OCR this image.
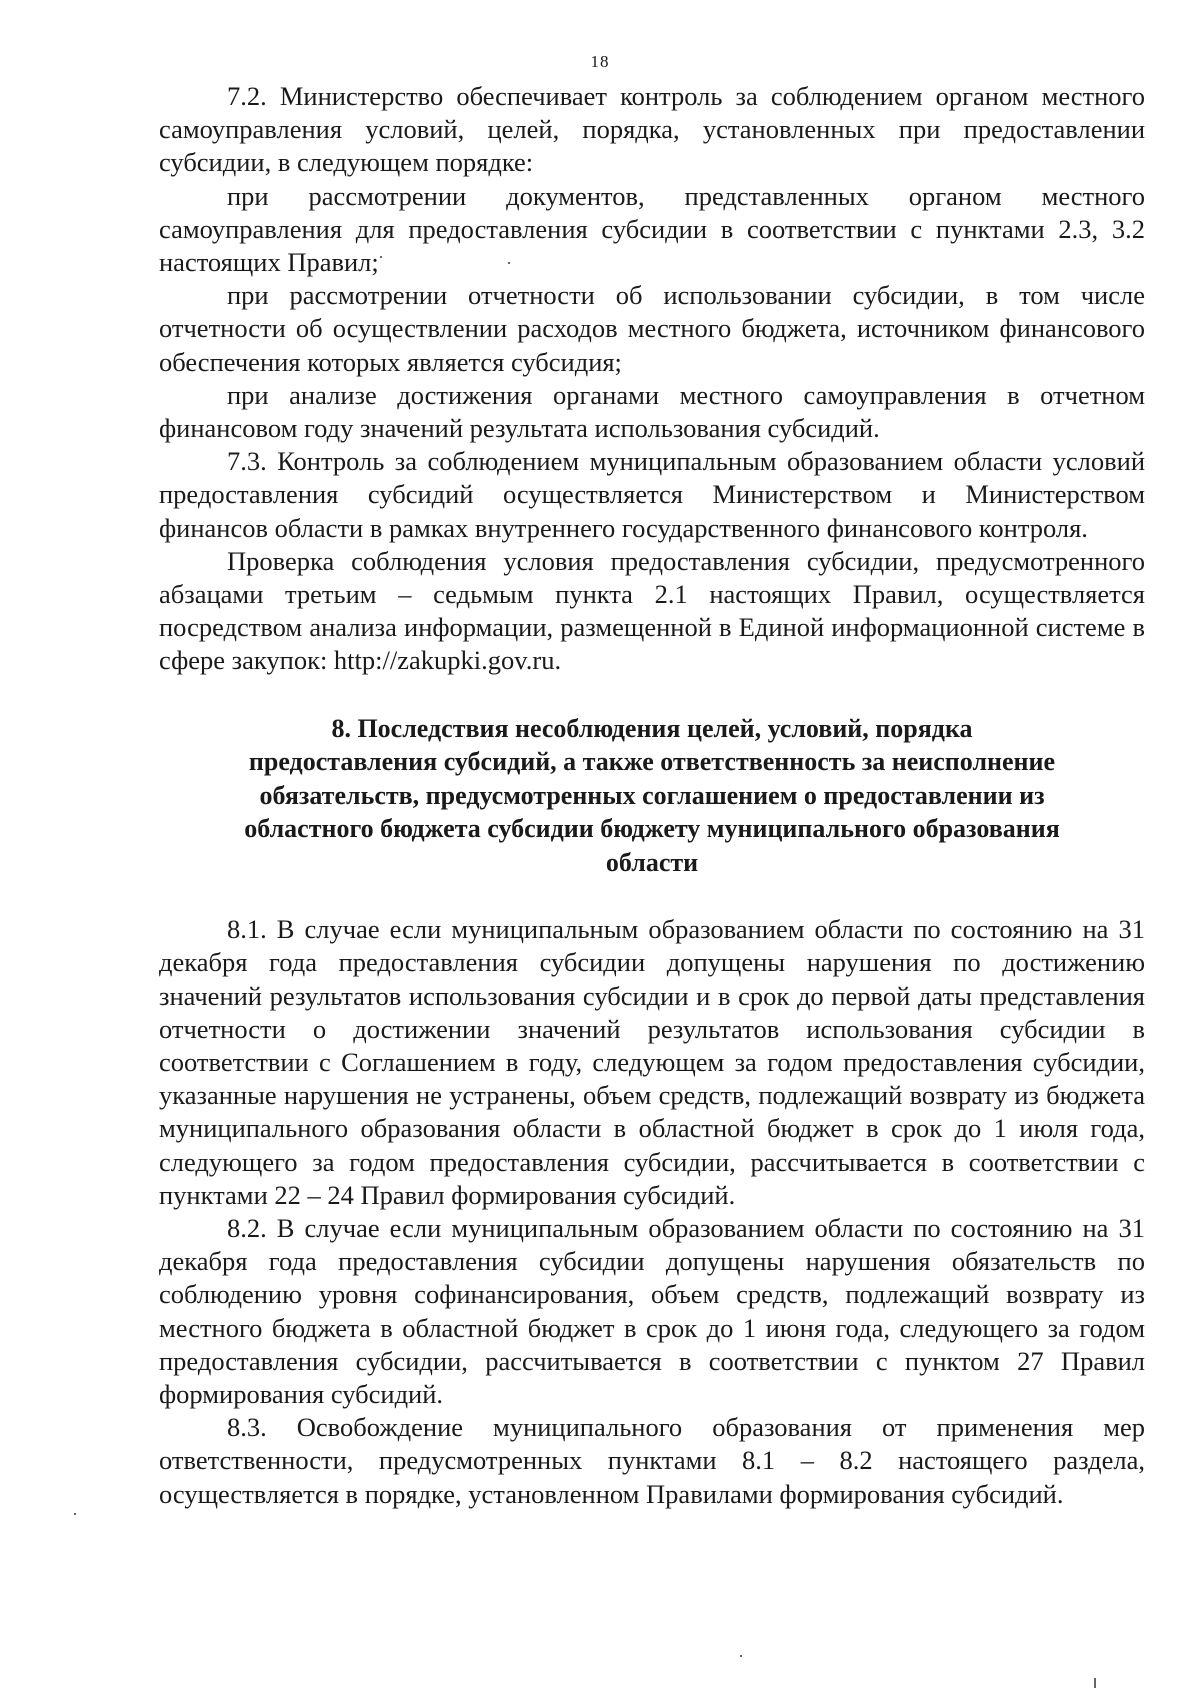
18

7.2. Министерство обеспечивает контроль за соблюдением органом местного самоуправления условий, целей, порядка, установленных при предоставлении субсидии, в следующем порядке:

при рассмотрении документов, представленных органом местного самоуправления для предоставления субсидии в соответствии с пунктами 2.3, 3.2 настоящих Правил;

при рассмотрении отчетности об использовании субсидии, в том числе отчетности об осуществлении расходов местного бюджета, источником финансового обеспечения которых является субсидия;

при анализе достижения органами местного самоуправления в отчетном финансовом году значений результата использования субсидий.

7.3. Контроль за соблюдением муниципальным образованием области условий предоставления субсидий осуществляется Министерством и Министерством финансов области в рамках внутреннего государственного финансового контроля.

Проверка соблюдения условия предоставления субсидии, предусмотренного абзацами третьим – седьмым пункта 2.1 настоящих Правил, осуществляется посредством анализа информации, размещенной в Единой информационной системе в сфере закупок: http://zakupki.gov.ru.

8. Последствия несоблюдения целей, условий, порядка предоставления субсидий, а также ответственность за неисполнение обязательств, предусмотренных соглашением о предоставлении из областного бюджета субсидии бюджету муниципального образования области

8.1. В случае если муниципальным образованием области по состоянию на 31 декабря года предоставления субсидии допущены нарушения по достижению значений результатов использования субсидии и в срок до первой даты представления отчетности о достижении значений результатов использования субсидии в соответствии с Соглашением в году, следующем за годом предоставления субсидии, указанные нарушения не устранены, объем средств, подлежащий возврату из бюджета муниципального образования области в областной бюджет в срок до 1 июля года, следующего за годом предоставления субсидии, рассчитывается в соответствии с пунктами 22 – 24 Правил формирования субсидий.

8.2. В случае если муниципальным образованием области по состоянию на 31 декабря года предоставления субсидии допущены нарушения обязательств по соблюдению уровня софинансирования, объем средств, подлежащий возврату из местного бюджета в областной бюджет в срок до 1 июня года, следующего за годом предоставления субсидии, рассчитывается в соответствии с пунктом 27 Правил формирования субсидий.

8.3. Освобождение муниципального образования от применения мер ответственности, предусмотренных пунктами 8.1 – 8.2 настоящего раздела, осуществляется в порядке, установленном Правилами формирования субсидий.
